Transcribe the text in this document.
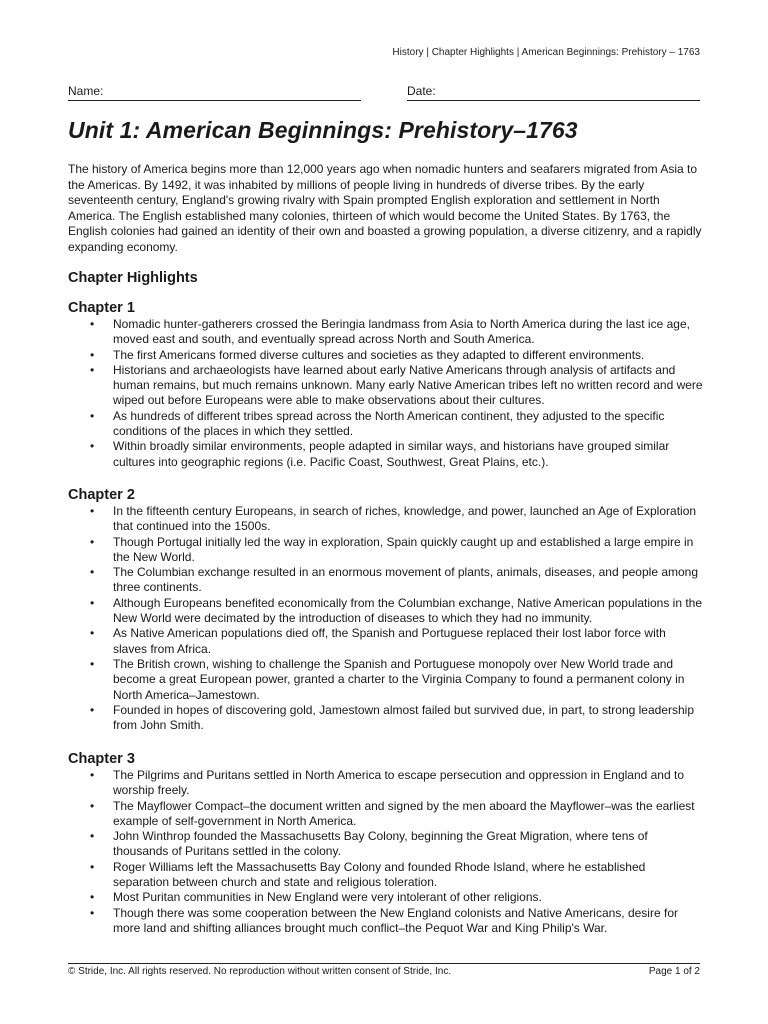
History | Chapter Highlights | American Beginnings: Prehistory – 1763
Name:	Date:
Unit 1: American Beginnings: Prehistory–1763

The history of America begins more than 12,000 years ago when nomadic hunters and seafarers migrated from Asia to the Americas. By 1492, it was inhabited by millions of people living in hundreds of diverse tribes. By the early seventeenth century, England's growing rivalry with Spain prompted English exploration and settlement in North America. The English established many colonies, thirteen of which would become the United States. By 1763, the English colonies had gained an identity of their own and boasted a growing population, a diverse citizenry, and a rapidly expanding economy.

Chapter Highlights
Chapter 1
• Nomadic hunter-gatherers crossed the Beringia landmass from Asia to North America during the last ice age, moved east and south, and eventually spread across North and South America.
• The first Americans formed diverse cultures and societies as they adapted to different environments.
• Historians and archaeologists have learned about early Native Americans through analysis of artifacts and human remains, but much remains unknown. Many early Native American tribes left no written record and were wiped out before Europeans were able to make observations about their cultures.
• As hundreds of different tribes spread across the North American continent, they adjusted to the specific conditions of the places in which they settled.
• Within broadly similar environments, people adapted in similar ways, and historians have grouped similar cultures into geographic regions (i.e. Pacific Coast, Southwest, Great Plains, etc.).
Chapter 2
• In the fifteenth century Europeans, in search of riches, knowledge, and power, launched an Age of Exploration that continued into the 1500s.
• Though Portugal initially led the way in exploration, Spain quickly caught up and established a large empire in the New World.
• The Columbian exchange resulted in an enormous movement of plants, animals, diseases, and people among three continents.
• Although Europeans benefited economically from the Columbian exchange, Native American populations in the New World were decimated by the introduction of diseases to which they had no immunity.
• As Native American populations died off, the Spanish and Portuguese replaced their lost labor force with slaves from Africa.
• The British crown, wishing to challenge the Spanish and Portuguese monopoly over New World trade and become a great European power, granted a charter to the Virginia Company to found a permanent colony in North America–Jamestown.
• Founded in hopes of discovering gold, Jamestown almost failed but survived due, in part, to strong leadership from John Smith.
Chapter 3
• The Pilgrims and Puritans settled in North America to escape persecution and oppression in England and to worship freely.
• The Mayflower Compact–the document written and signed by the men aboard the Mayflower–was the earliest example of self-government in North America.
• John Winthrop founded the Massachusetts Bay Colony, beginning the Great Migration, where tens of thousands of Puritans settled in the colony.
• Roger Williams left the Massachusetts Bay Colony and founded Rhode Island, where he established separation between church and state and religious toleration.
• Most Puritan communities in New England were very intolerant of other religions.
• Though there was some cooperation between the New England colonists and Native Americans, desire for more land and shifting alliances brought much conflict–the Pequot War and King Philip's War.
© Stride, Inc. All rights reserved. No reproduction without written consent of Stride, Inc.	Page 1 of 2
